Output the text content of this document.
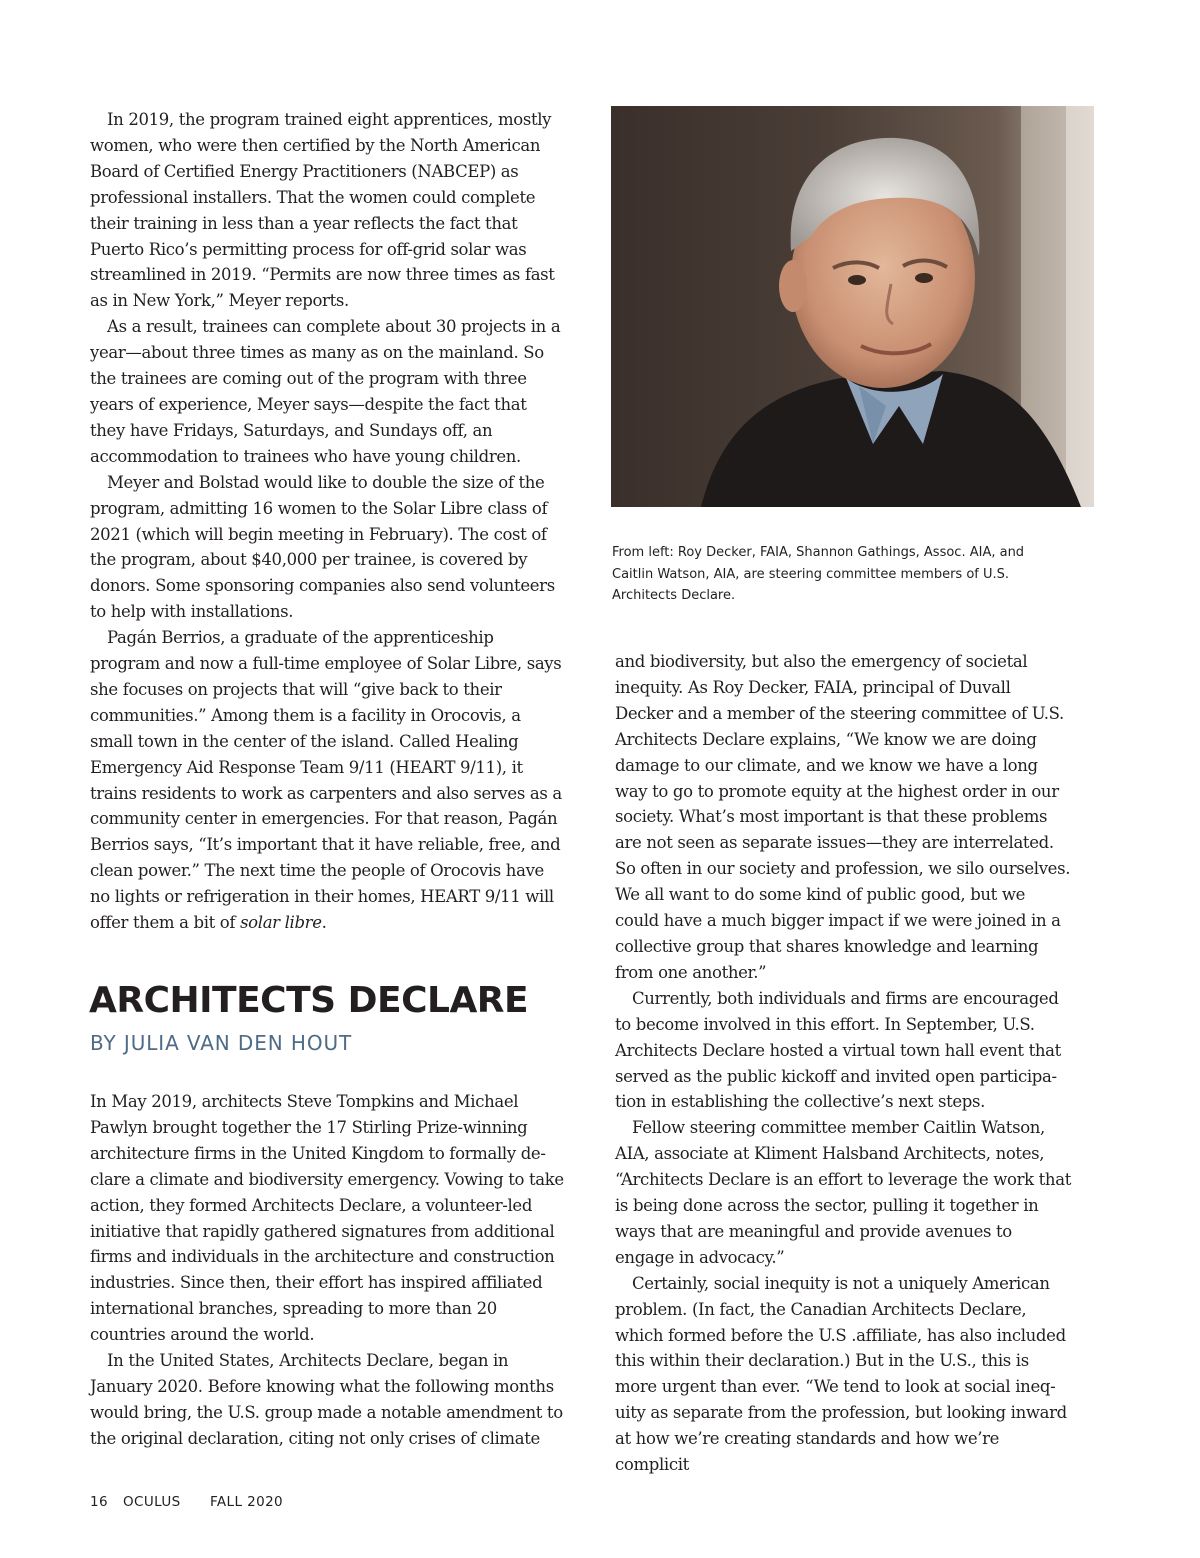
In 2019, the program trained eight apprentices, mostly women, who were then certified by the North American Board of Certified Energy Practitioners (NABCEP) as professional installers. That the women could complete their training in less than a year reflects the fact that Puerto Rico’s permitting process for off-grid solar was streamlined in 2019. “Permits are now three times as fast as in New York,” Meyer reports.

As a result, trainees can complete about 30 projects in a year—about three times as many as on the mainland. So the trainees are coming out of the program with three years of experience, Meyer says—despite the fact that they have Fridays, Saturdays, and Sundays off, an accommodation to trainees who have young children.

Meyer and Bolstad would like to double the size of the program, admitting 16 women to the Solar Libre class of 2021 (which will begin meeting in February). The cost of the program, about $40,000 per trainee, is covered by donors. Some sponsoring companies also send volunteers to help with installations.

Pagán Berrios, a graduate of the apprenticeship program and now a full-time employee of Solar Libre, says she focuses on projects that will “give back to their communities.” Among them is a facility in Orocovis, a small town in the center of the island. Called Healing Emergency Aid Response Team 9/11 (HEART 9/11), it trains residents to work as carpenters and also serves as a community center in emergencies. For that reason, Pagán Berrios says, “It’s important that it have reliable, free, and clean power.” The next time the people of Orocovis have no lights or refrigeration in their homes, HEART 9/11 will offer them a bit of solar libre.

ARCHITECTS DECLARE
BY JULIA VAN DEN HOUT

In May 2019, architects Steve Tompkins and Michael Pawlyn brought together the 17 Stirling Prize-winning architecture firms in the United Kingdom to formally declare a climate and biodiversity emergency. Vowing to take action, they formed Architects Declare, a volunteer-led initiative that rapidly gathered signatures from additional firms and individuals in the architecture and construction industries. Since then, their effort has inspired affiliated international branches, spreading to more than 20 countries around the world.

In the United States, Architects Declare, began in January 2020. Before knowing what the following months would bring, the U.S. group made a notable amendment to the original declaration, citing not only crises of climate

From left: Roy Decker, FAIA, Shannon Gathings, Assoc. AIA, and
Caitlin Watson, AIA, are steering committee members of U.S.
Architects Declare.

and biodiversity, but also the emergency of societal inequity. As Roy Decker, FAIA, principal of Duvall Decker and a member of the steering committee of U.S. Architects Declare explains, “We know we are doing damage to our climate, and we know we have a long way to go to promote equity at the highest order in our society. What’s most important is that these problems are not seen as separate issues—they are interrelated. So often in our society and profession, we silo ourselves. We all want to do some kind of public good, but we could have a much bigger impact if we were joined in a collective group that shares knowledge and learning from one another.”

Currently, both individuals and firms are encouraged to become involved in this effort. In September, U.S. Architects Declare hosted a virtual town hall event that served as the public kickoff and invited open participation in establishing the collective’s next steps.

Fellow steering committee member Caitlin Watson, AIA, associate at Kliment Halsband Architects, notes, “Architects Declare is an effort to leverage the work that is being done across the sector, pulling it together in ways that are meaningful and provide avenues to engage in advocacy.”

Certainly, social inequity is not a uniquely American problem. (In fact, the Canadian Architects Declare, which formed before the U.S .affiliate, has also included this within their declaration.) But in the U.S., this is more urgent than ever. “We tend to look at social inequity as separate from the profession, but looking inward at how we’re creating standards and how we’re complicit

16 OCULUS FALL 2020
